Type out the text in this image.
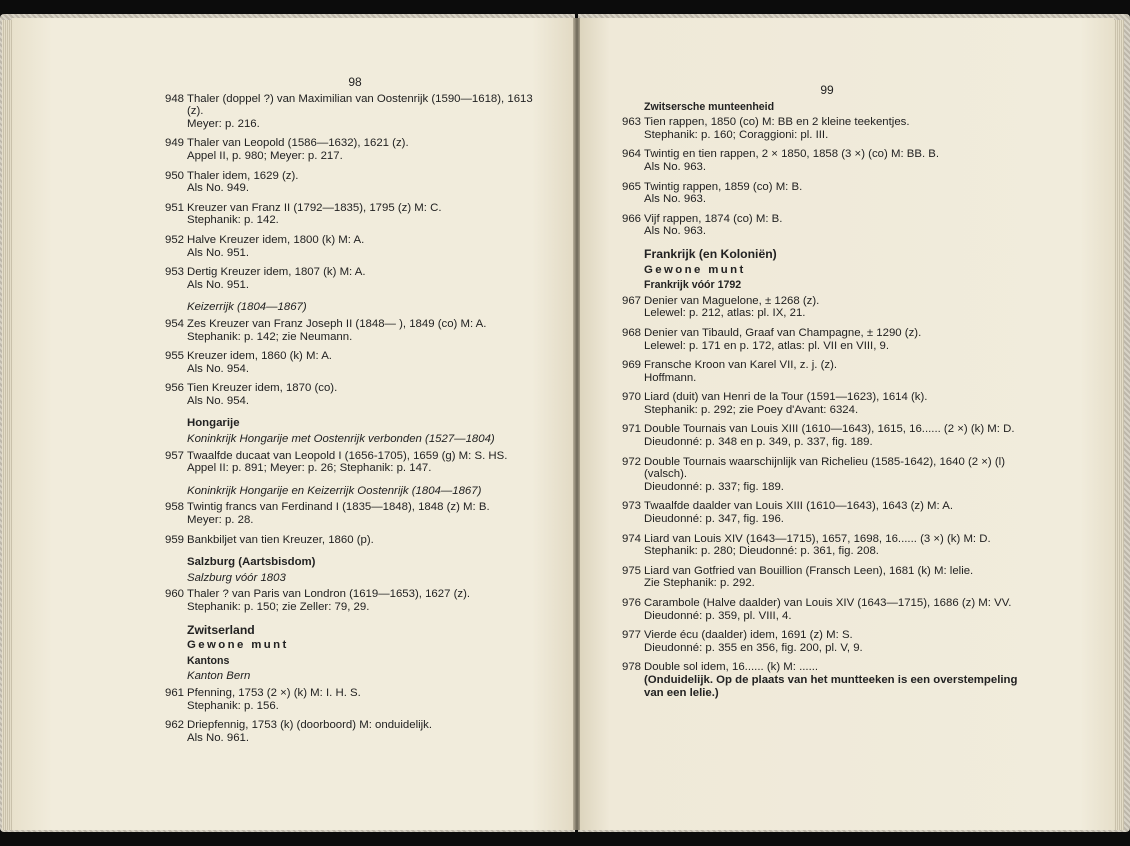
98
948 Thaler (doppel ?) van Maximilian van Oostenrijk (1590—1618), 1613 (z).
Meyer: p. 216.
949 Thaler van Leopold (1586—1632), 1621 (z).
Appel II, p. 980; Meyer: p. 217.
950 Thaler idem, 1629 (z).
Als No. 949.
951 Kreuzer van Franz II (1792—1835), 1795 (z) M: C.
Stephanik: p. 142.
952 Halve Kreuzer idem, 1800 (k) M: A.
Als No. 951.
953 Dertig Kreuzer idem, 1807 (k) M: A.
Als No. 951.
Keizerrijk (1804—1867)
954 Zes Kreuzer van Franz Joseph II (1848— ), 1849 (co) M: A.
Stephanik: p. 142; zie Neumann.
955 Kreuzer idem, 1860 (k) M: A.
Als No. 954.
956 Tien Kreuzer idem, 1870 (co).
Als No. 954.
Hongarije
Koninkrijk Hongarije met Oostenrijk verbonden (1527—1804)
957 Twaalfde ducaat van Leopold I (1656-1705), 1659 (g) M: S. HS.
Appel II: p. 891; Meyer: p. 26; Stephanik: p. 147.
Koninkrijk Hongarije en Keizerrijk Oostenrijk (1804—1867)
958 Twintig francs van Ferdinand I (1835—1848), 1848 (z) M: B.
Meyer: p. 28.
959 Bankbiljet van tien Kreuzer, 1860 (p).
Salzburg (Aartsbisdom)
Salzburg vóór 1803
960 Thaler ? van Paris van Londron (1619—1653), 1627 (z).
Stephanik: p. 150; zie Zeller: 79, 29.
Zwitserland
Gewone munt
Kantons
Kanton Bern
961 Pfenning, 1753 (2 ×) (k) M: I. H. S.
Stephanik: p. 156.
962 Driepfennig, 1753 (k) (doorboord) M: onduidelijk.
Als No. 961.
99
Zwitsersche munteenheid
963 Tien rappen, 1850 (co) M: BB en 2 kleine teekentjes.
Stephanik: p. 160; Coraggioni: pl. III.
964 Twintig en tien rappen, 2 × 1850, 1858 (3 ×) (co) M: BB. B.
Als No. 963.
965 Twintig rappen, 1859 (co) M: B.
Als No. 963.
966 Vijf rappen, 1874 (co) M: B.
Als No. 963.
Frankrijk (en Koloniën)
Gewone munt
Frankrijk vóór 1792
967 Denier van Maguelone, ± 1268 (z).
Lelewel: p. 212, atlas: pl. IX, 21.
968 Denier van Tibauld, Graaf van Champagne, ± 1290 (z).
Lelewel: p. 171 en p. 172, atlas: pl. VII en VIII, 9.
969 Fransche Kroon van Karel VII, z. j. (z).
Hoffmann.
970 Liard (duit) van Henri de la Tour (1591—1623), 1614 (k).
Stephanik: p. 292; zie Poey d'Avant: 6324.
971 Double Tournais van Louis XIII (1610—1643), 1615, 16...... (2 ×) (k) M: D.
Dieudonné: p. 348 en p. 349, p. 337, fig. 189.
972 Double Tournais waarschijnlijk van Richelieu (1585-1642), 1640 (2 ×) (l) (valsch).
Dieudonné: p. 337; fig. 189.
973 Twaalfde daalder van Louis XIII (1610—1643), 1643 (z) M: A.
Dieudonné: p. 347, fig. 196.
974 Liard van Louis XIV (1643—1715), 1657, 1698, 16...... (3 ×) (k) M: D.
Stephanik: p. 280; Dieudonné: p. 361, fig. 208.
975 Liard van Gotfried van Bouillion (Fransch Leen), 1681 (k) M: lelie.
Zie Stephanik: p. 292.
976 Carambole (Halve daalder) van Louis XIV (1643—1715), 1686 (z) M: VV.
Dieudonné: p. 359, pl. VIII, 4.
977 Vierde écu (daalder) idem, 1691 (z) M: S.
Dieudonné: p. 355 en 356, fig. 200, pl. V, 9.
978 Double sol idem, 16...... (k) M: ......
(Onduidelijk. Op de plaats van het muntteeken is een overstempeling van een lelie.)
